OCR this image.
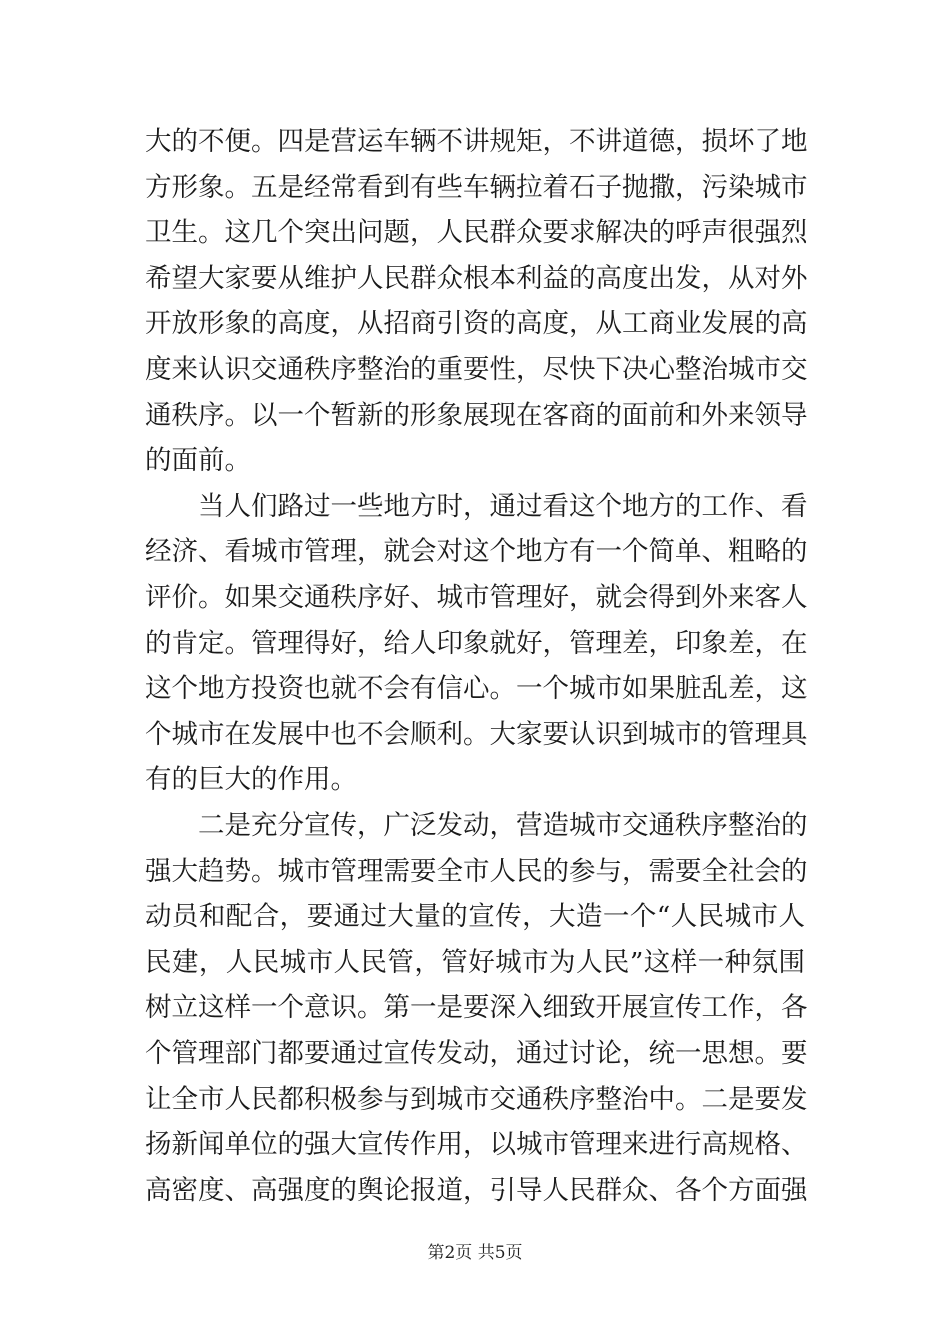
大的不便。四是营运车辆不讲规矩，不讲道德，损坏了地
方形象。五是经常看到有些车辆拉着石子抛撒，污染城市
卫生。这几个突出问题，人民群众要求解决的呼声很强烈
希望大家要从维护人民群众根本利益的高度出发，从对外
开放形象的高度，从招商引资的高度，从工商业发展的高
度来认识交通秩序整治的重要性，尽快下决心整治城市交
通秩序。以一个暂新的形象展现在客商的面前和外来领导
的面前。
当人们路过一些地方时，通过看这个地方的工作、看
经济、看城市管理，就会对这个地方有一个简单、粗略的
评价。如果交通秩序好、城市管理好，就会得到外来客人
的肯定。管理得好，给人印象就好，管理差，印象差，在
这个地方投资也就不会有信心。一个城市如果脏乱差，这
个城市在发展中也不会顺利。大家要认识到城市的管理具
有的巨大的作用。
二是充分宣传，广泛发动，营造城市交通秩序整治的
强大趋势。城市管理需要全市人民的参与，需要全社会的
动员和配合，要通过大量的宣传，大造一个“人民城市人
民建，人民城市人民管，管好城市为人民”这样一种氛围
树立这样一个意识。第一是要深入细致开展宣传工作，各
个管理部门都要通过宣传发动，通过讨论，统一思想。要
让全市人民都积极参与到城市交通秩序整治中。二是要发
扬新闻单位的强大宣传作用，以城市管理来进行高规格、
高密度、高强度的舆论报道，引导人民群众、各个方面强
第2页 共5页
